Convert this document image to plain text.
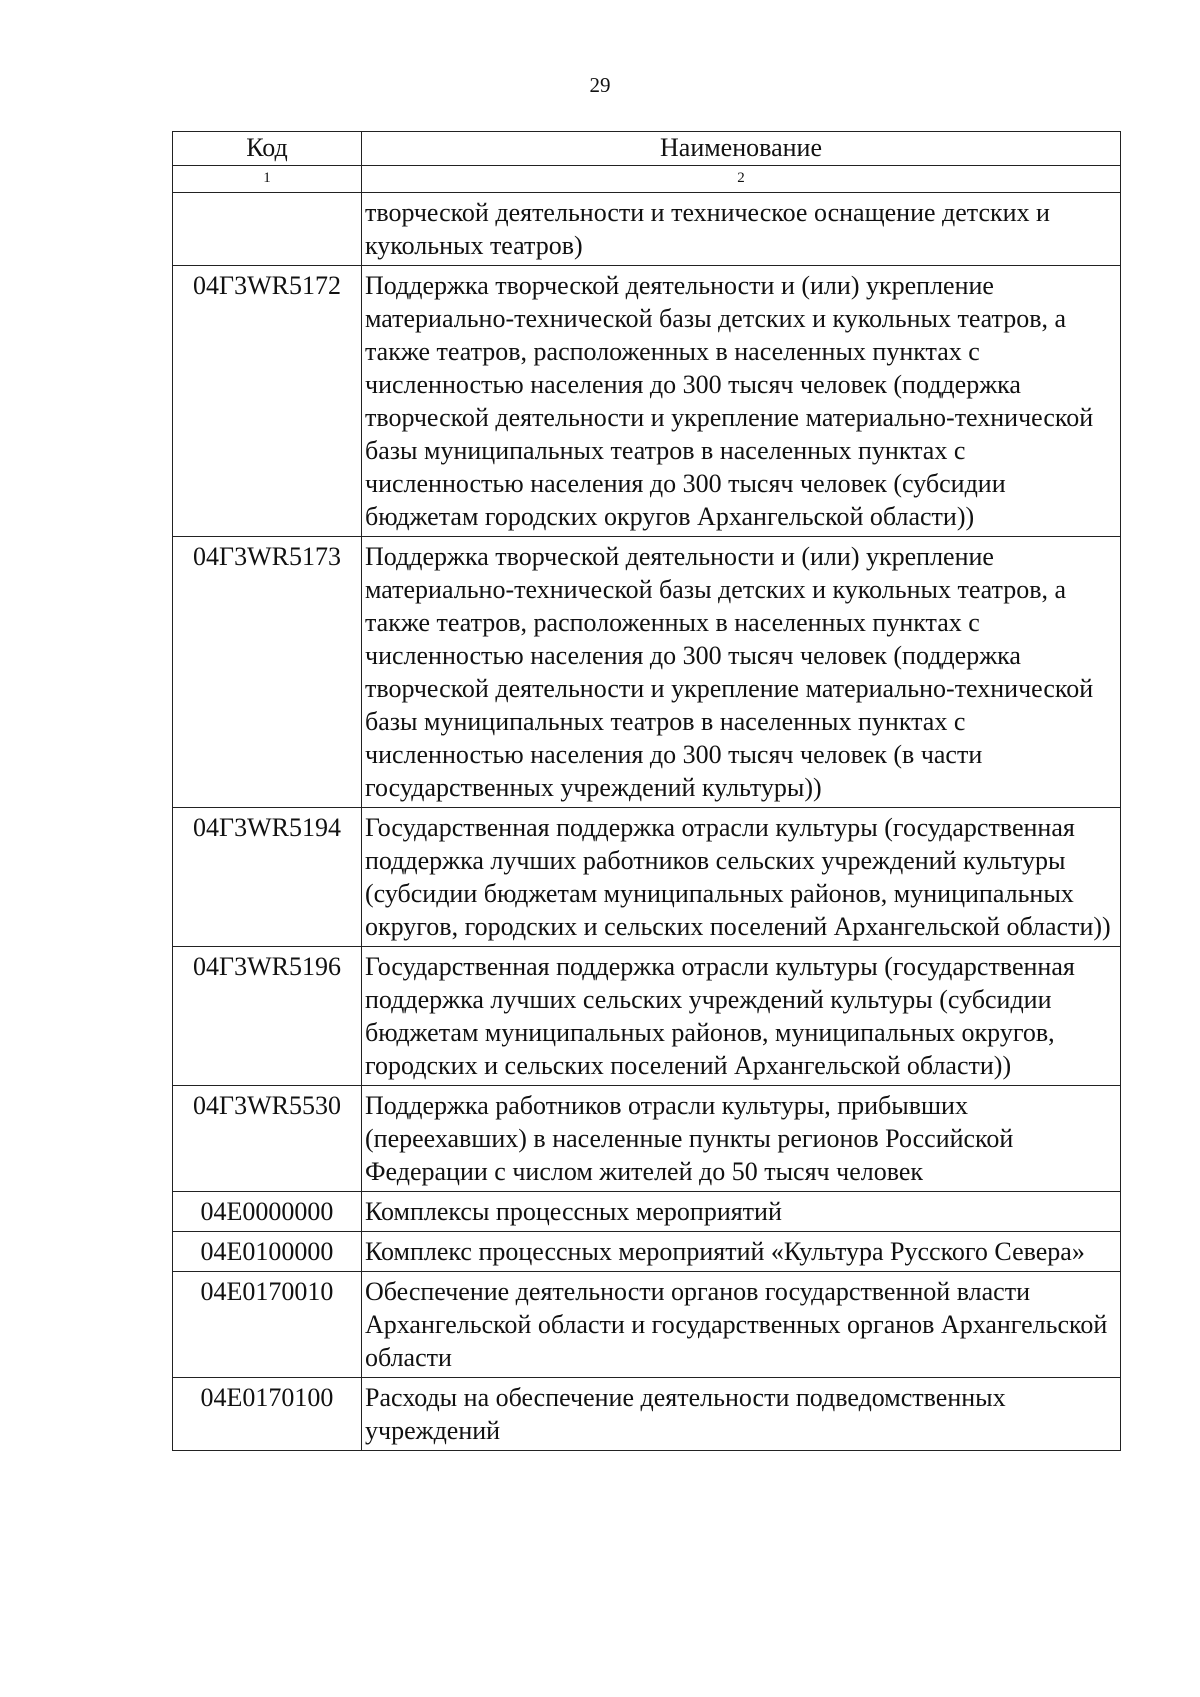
29
Код	Наименование
1	2
	творческой деятельности и техническое оснащение детских и кукольных театров)
04Г3WR5172	Поддержка творческой деятельности и (или) укрепление материально-технической базы детских и кукольных театров, а также театров, расположенных в населенных пунктах с численностью населения до 300 тысяч человек (поддержка творческой деятельности и укрепление материально-технической базы муниципальных театров в населенных пунктах с численностью населения до 300 тысяч человек (субсидии бюджетам городских округов Архангельской области))
04Г3WR5173	Поддержка творческой деятельности и (или) укрепление материально-технической базы детских и кукольных театров, а также театров, расположенных в населенных пунктах с численностью населения до 300 тысяч человек (поддержка творческой деятельности и укрепление материально-технической базы муниципальных театров в населенных пунктах с численностью населения до 300 тысяч человек (в части государственных учреждений культуры))
04Г3WR5194	Государственная поддержка отрасли культуры (государственная поддержка лучших работников сельских учреждений культуры (субсидии бюджетам муниципальных районов, муниципальных округов, городских и сельских поселений Архангельской области))
04Г3WR5196	Государственная поддержка отрасли культуры (государственная поддержка лучших сельских учреждений культуры (субсидии бюджетам муниципальных районов, муниципальных округов, городских и сельских поселений Архангельской области))
04Г3WR5530	Поддержка работников отрасли культуры, прибывших (переехавших) в населенные пункты регионов Российской Федерации с числом жителей до 50 тысяч человек
04Е0000000	Комплексы процессных мероприятий
04Е0100000	Комплекс процессных мероприятий «Культура Русского Севера»
04Е0170010	Обеспечение деятельности органов государственной власти Архангельской области и государственных органов Архангельской области
04Е0170100	Расходы на обеспечение деятельности подведомственных учреждений
